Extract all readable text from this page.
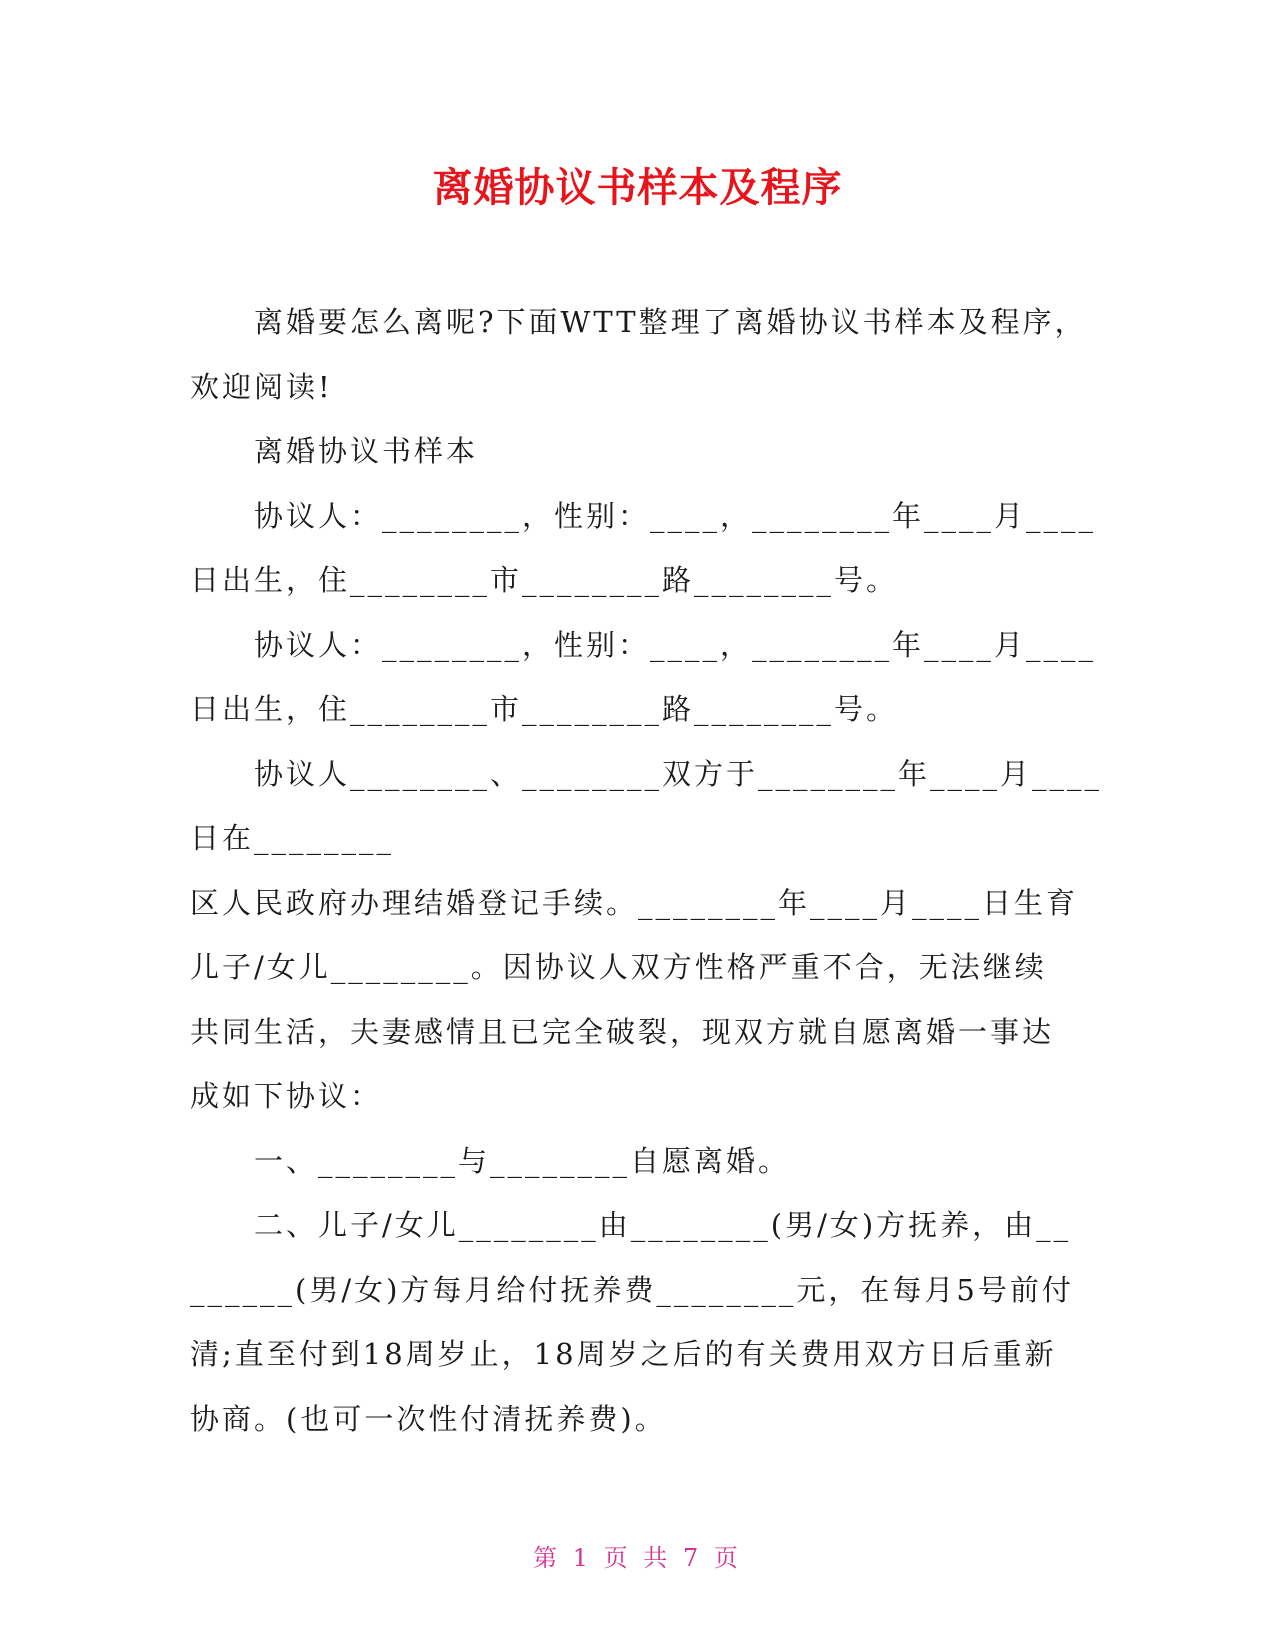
离婚协议书样本及程序

离婚要怎么离呢?下面WTT整理了离婚协议书样本及程序，

欢迎阅读!

离婚协议书样本

协议人：________，性别：____，________年____月____

日出生，住________市________路________号。

协议人：________，性别：____，________年____月____

日出生，住________市________路________号。

协议人________、________双方于________年____月____

日在________

区人民政府办理结婚登记手续。________年____月____日生育

儿子/女儿________。因协议人双方性格严重不合，无法继续

共同生活，夫妻感情且已完全破裂，现双方就自愿离婚一事达

成如下协议：

一、________与________自愿离婚。

二、儿子/女儿________由________(男/女)方抚养，由__

______(男/女)方每月给付抚养费________元，在每月5号前付

清;直至付到18周岁止，18周岁之后的有关费用双方日后重新

协商。(也可一次性付清抚养费)。

第 1 页 共 7 页
